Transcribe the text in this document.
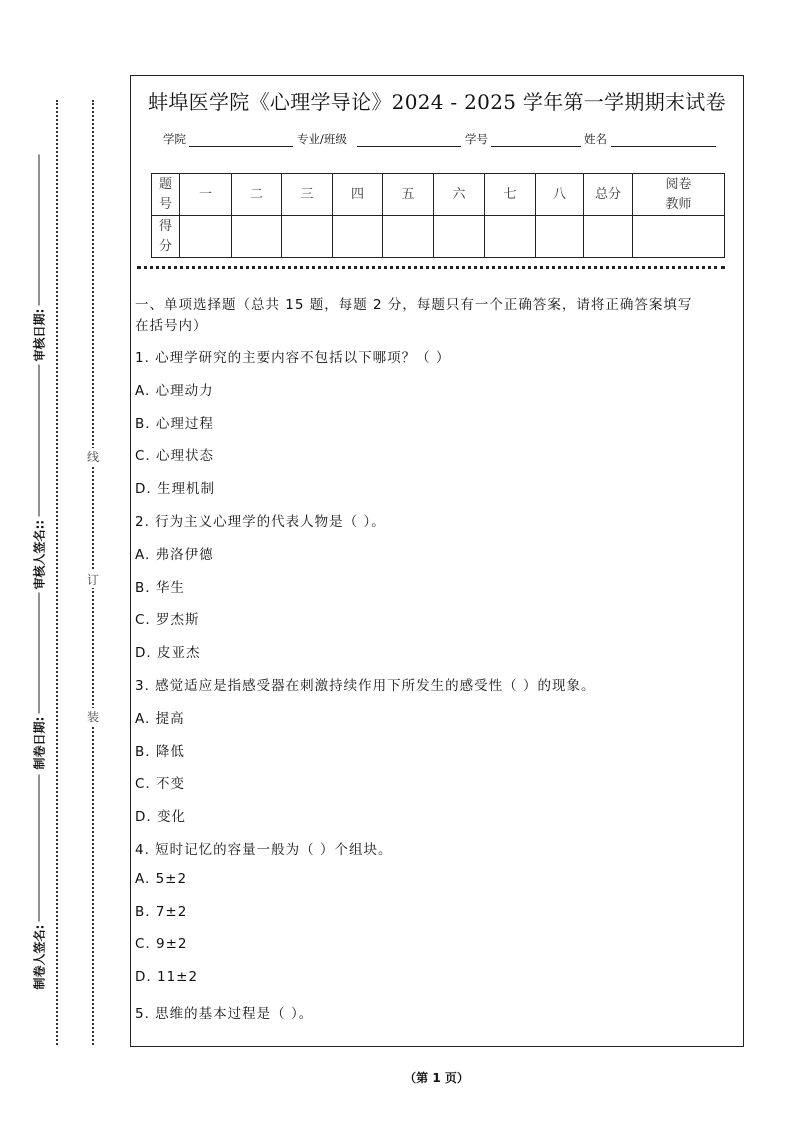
线
订
装
审核日期:
审核人签名::
制卷日期:
制卷人签名:
蚌埠医学院《心理学导论》2024 - 2025 学年第一学期期末试卷
学院	专业/班级	学号	姓名
题号	一	二	三	四	五	六	七	八	总分	阅卷教师

得分										

一、单项选择题（总共 15 题，每题 2 分，每题只有一个正确答案，请将正确答案填写
在括号内）
1. 心理学研究的主要内容不包括以下哪项？（ ）
A. 心理动力
B. 心理过程
C. 心理状态
D. 生理机制
2. 行为主义心理学的代表人物是（ ）。
A. 弗洛伊德
B. 华生
C. 罗杰斯
D. 皮亚杰
3. 感觉适应是指感受器在刺激持续作用下所发生的感受性（ ）的现象。
A. 提高
B. 降低
C. 不变
D. 变化
4. 短时记忆的容量一般为（ ）个组块。
A. 5±2
B. 7±2
C. 9±2
D. 11±2
5. 思维的基本过程是（ ）。
（第 1 页）
